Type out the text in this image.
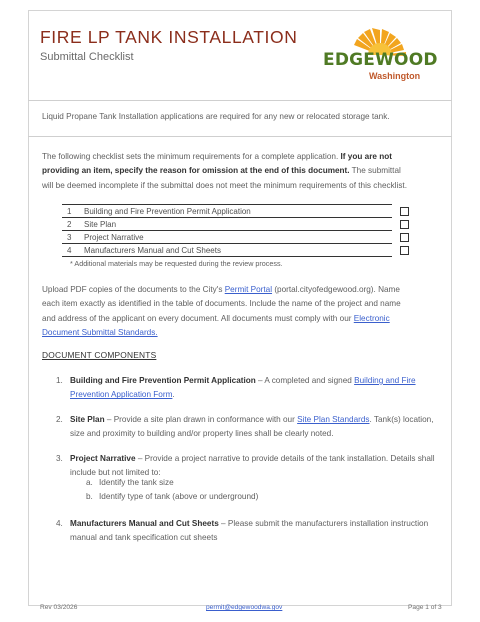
FIRE LP TANK INSTALLATION
Submittal Checklist	EDGEWOOD
Washington
Liquid Propane Tank Installation applications are required for any new or relocated storage tank.
The following checklist sets the minimum requirements for a complete application. If you are not providing an item, specify the reason for omission at the end of this document. The submittal will be deemed incomplete if the submittal does not meet the minimum requirements of this checklist.
1	Building and Fire Prevention Permit Application
2	Site Plan
3	Project Narrative
4	Manufacturers Manual and Cut Sheets
* Additional materials may be requested during the review process.
Upload PDF copies of the documents to the City's Permit Portal (portal.cityofedgewood.org). Name each item exactly as identified in the table of documents. Include the name of the project and name and address of the applicant on every document. All documents must comply with our Electronic Document Submittal Standards.
DOCUMENT COMPONENTS
1. Building and Fire Prevention Permit Application – A completed and signed Building and Fire Prevention Application Form.
2. Site Plan – Provide a site plan drawn in conformance with our Site Plan Standards. Tank(s) location, size and proximity to building and/or property lines shall be clearly noted.
3. Project Narrative – Provide a project narrative to provide details of the tank installation. Details shall include but not limited to:
a. Identify the tank size
b. Identify type of tank (above or underground)
4. Manufacturers Manual and Cut Sheets – Please submit the manufacturers installation instruction manual and tank specification cut sheets
Rev 03/2026	permit@edgewoodwa.gov	Page 1 of 3
